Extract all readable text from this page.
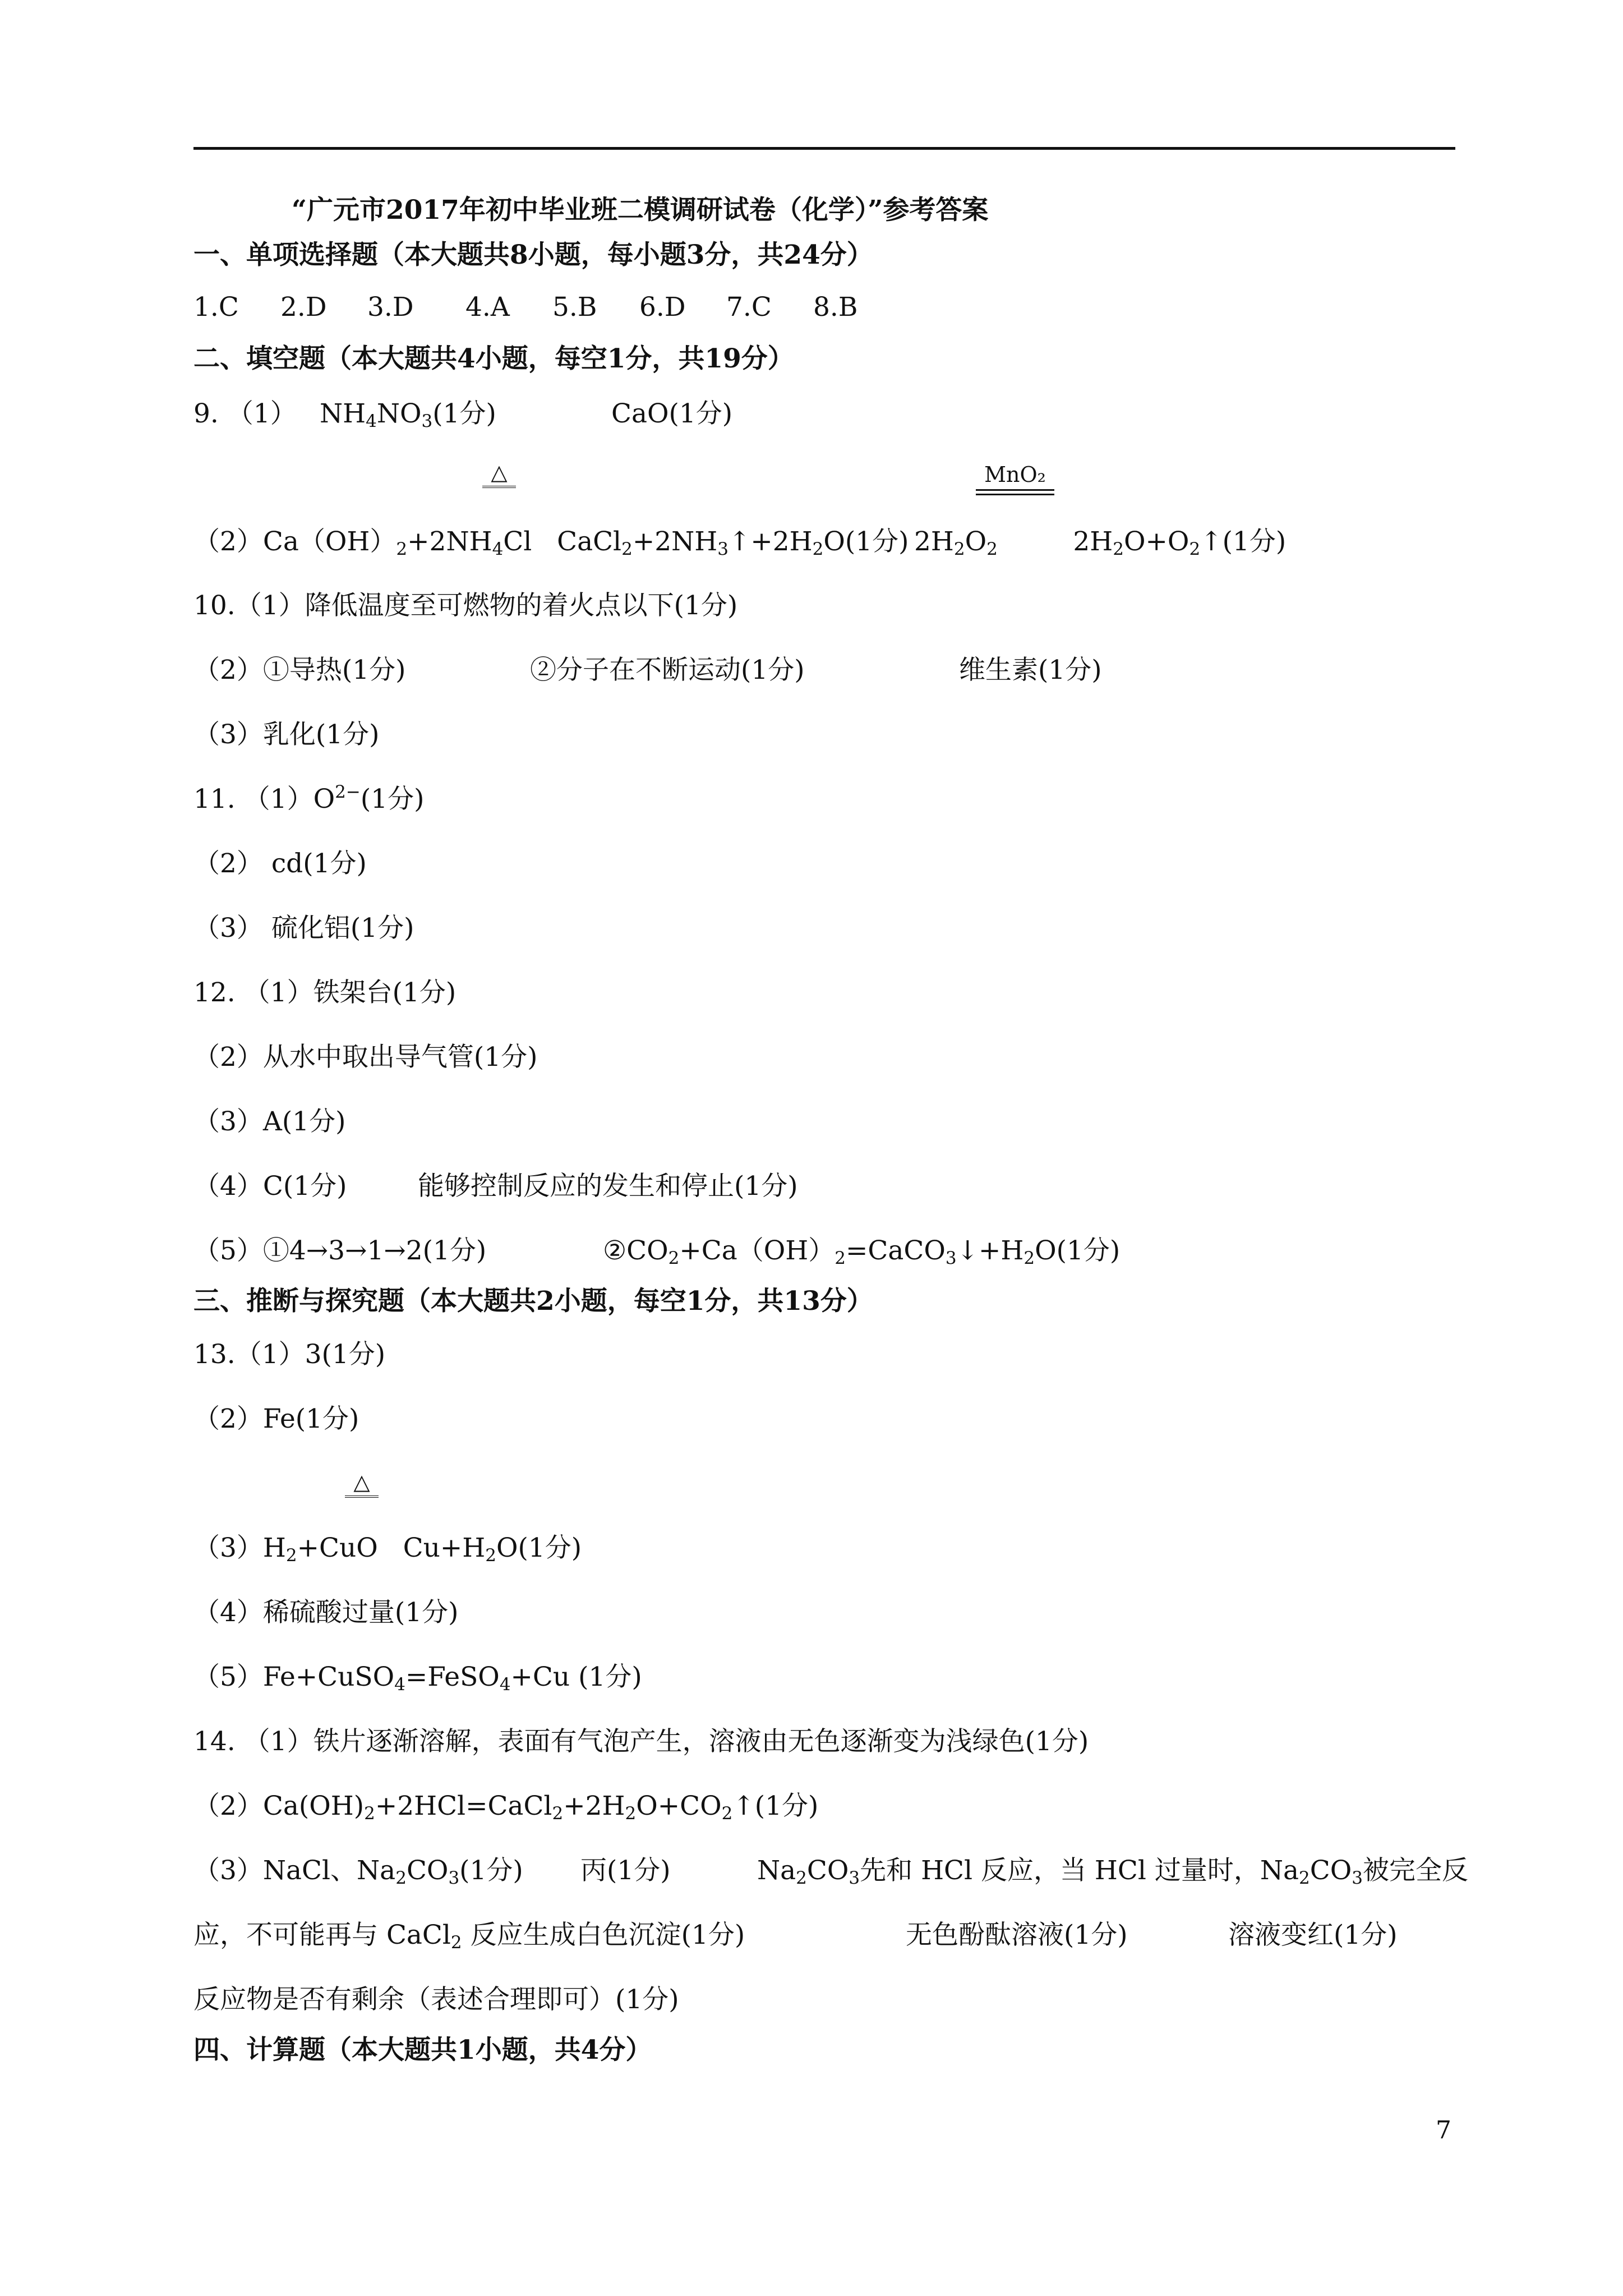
“广元市2017年初中毕业班二模调研试卷（化学）”参考答案
一、单项选择题（本大题共8小题，每小题3分，共24分）
1.C 2.D 3.D 4.A 5.B 6.D 7.C 8.B
二、填空题（本大题共4小题，每空1分，共19分）
9. （1） $NH_4NO_3(1$分)	CaO(1分)
△	MnO₂
$(2)Ca(OH)_2+2NH_4Cl$   $CaCl_2+2NH_3↑+2H_2O(1$分) $2H_2O_2$         $2H_2O+O_2↑(1$分)
10.（1）降低温度至可燃物的着火点以下(1分)
（2）①导热(1分)	②分子在不断运动(1分)	维生素(1分)
（3）乳化(1分)
11. $(1)O^{2-}(1$分)
（2） cd(1分)
（3） 硫化铝(1分)
12. （1）铁架台(1分)
（2）从水中取出导气管(1分)
（3）A(1分)
（4）C(1分)	能够控制反应的发生和停止(1分)
（5）①4→3→1→2(1分)	$②CO_2+Ca(OH)_2=CaCO_3↓+H_2O(1$分)
三、推断与探究题（本大题共2小题，每空1分，共13分）
13.（1）3(1分)
（2）Fe(1分)
△
$(3)H_2+CuO$   $Cu+H_2O(1$分)
（4）稀硫酸过量(1分)
（5）Fe+CuSO$_4$=FeSO$_4$+Cu (1分)
14. （1）铁片逐渐溶解，表面有气泡产生，溶液由无色逐渐变为浅绿色(1分)
$(2)Ca(OH)_2+2HCl=CaCl_2+2H_2O+CO_2↑(1$分)
（3）NaCl、$Na_2CO_3(1$分) 丙(1分)	$Na_2CO_3$先和 HCl 反应，当 HCl 过量时，$Na_2CO_3$被完全反
应，不可能再与 CaCl$_2$ 反应生成白色沉淀(1分)	无色酚酞溶液(1分)	溶液变红(1分)
反应物是否有剩余（表述合理即可）(1分)
四、计算题（本大题共1小题，共4分）
7
